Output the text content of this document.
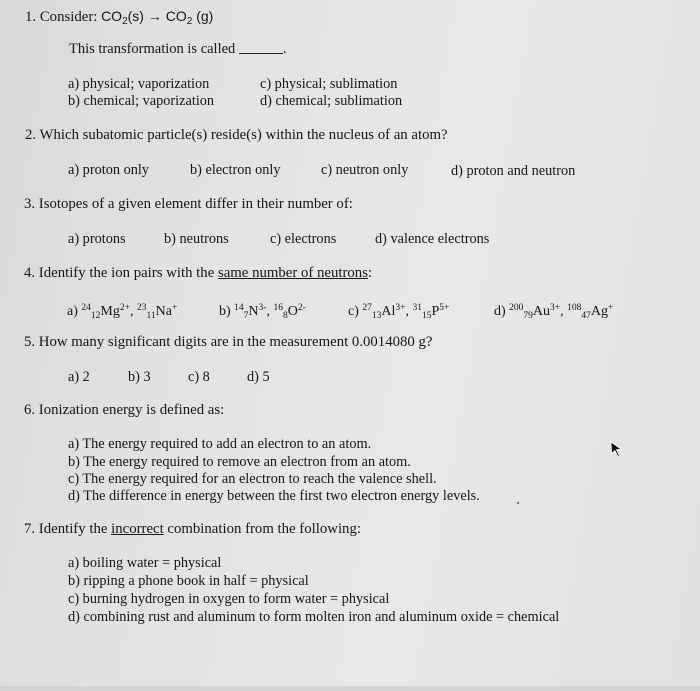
1. Consider: $CO_2(s) \to CO_2$ (g)
This transformation is called	.
a) physical; vaporization
b) chemical; vaporization
c) physical; sublimation
d) chemical; sublimation
2. Which subatomic particle(s) reside(s) within the nucleus of an atom?
a) proton only	b) electron only	c) neutron only	d) proton and neutron
3. Isotopes of a given element differ in their number of:
a) protons	b) neutrons	c) electrons	d) valence electrons
4. Identify the ion pairs with the same number of neutrons:
a) $^{24}_{12}Mg^{2+}$, $^{23}_{11}$Na+	b) $^{14}_7N^{3-}$, $^{16}_8O^{2-}$	c) $^{27}_{13}Al^{3+}$, $^{31}_{15}P^{5+}$	d) $^{200}_{79}Au^{3+}$, $^{108}_{47}$Ag+
5. How many significant digits are in the measurement 0.0014080 g?
a) 2	b) 3	c) 8	d) 5
6. Ionization energy is defined as:
a) The energy required to add an electron to an atom.
b) The energy required to remove an electron from an atom.
c) The energy required for an electron to reach the valence shell.
d) The difference in energy between the first two electron energy levels.
7. Identify the incorrect combination from the following:
a) boiling water = physical
b) ripping a phone book in half = physical
c) burning hydrogen in oxygen to form water = physical
d) combining rust and aluminum to form molten iron and aluminum oxide = chemical
